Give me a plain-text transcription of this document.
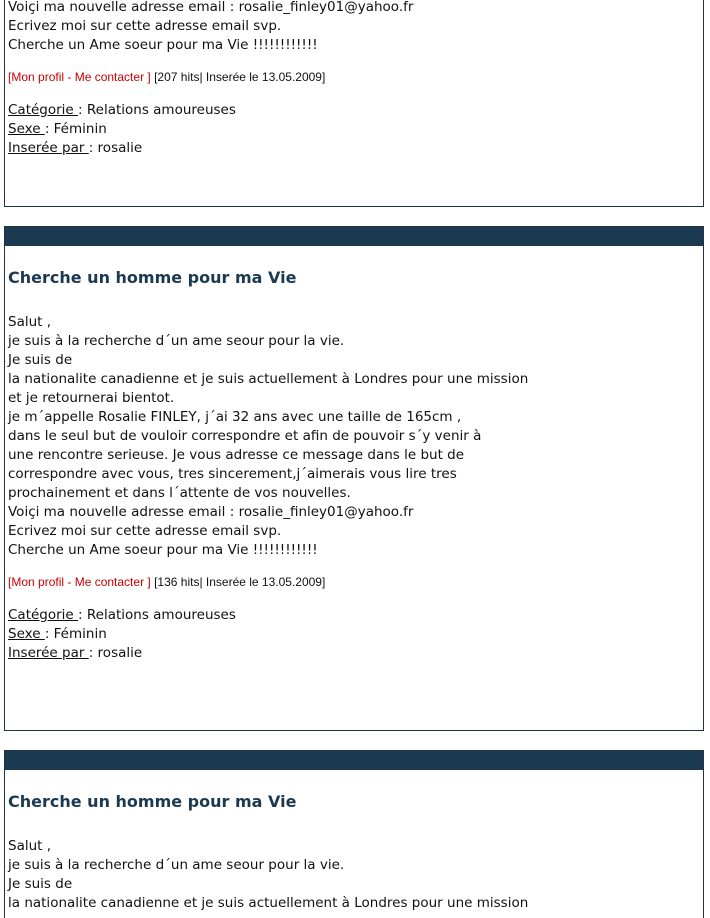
Voiçi ma nouvelle adresse email : rosalie_finley01@yahoo.fr
Ecrivez moi sur cette adresse email svp.
Cherche un Ame soeur pour ma Vie !!!!!!!!!!!!
[Mon profil - Me contacter ] [207 hits| Inserée le 13.05.2009]
Catégorie : Relations amoureuses
Sexe : Féminin
Inserée par : rosalie
Cherche un homme pour ma Vie
Salut ,
je suis à la recherche d´un ame seour pour la vie.
Je suis de
la nationalite canadienne et je suis actuellement à Londres pour une mission
et je retournerai bientot.
je m´appelle Rosalie FINLEY, j´ai 32 ans avec une taille de 165cm ,
dans le seul but de vouloir correspondre et afin de pouvoir s´y venir à
une rencontre serieuse. Je vous adresse ce message dans le but de
correspondre avec vous, tres sincerement,j´aimerais vous lire tres
prochainement et dans l´attente de vos nouvelles.
Voiçi ma nouvelle adresse email : rosalie_finley01@yahoo.fr
Ecrivez moi sur cette adresse email svp.
Cherche un Ame soeur pour ma Vie !!!!!!!!!!!!
[Mon profil - Me contacter ] [136 hits| Inserée le 13.05.2009]
Catégorie : Relations amoureuses
Sexe : Féminin
Inserée par : rosalie
Cherche un homme pour ma Vie
Salut ,
je suis à la recherche d´un ame seour pour la vie.
Je suis de
la nationalite canadienne et je suis actuellement à Londres pour une mission
